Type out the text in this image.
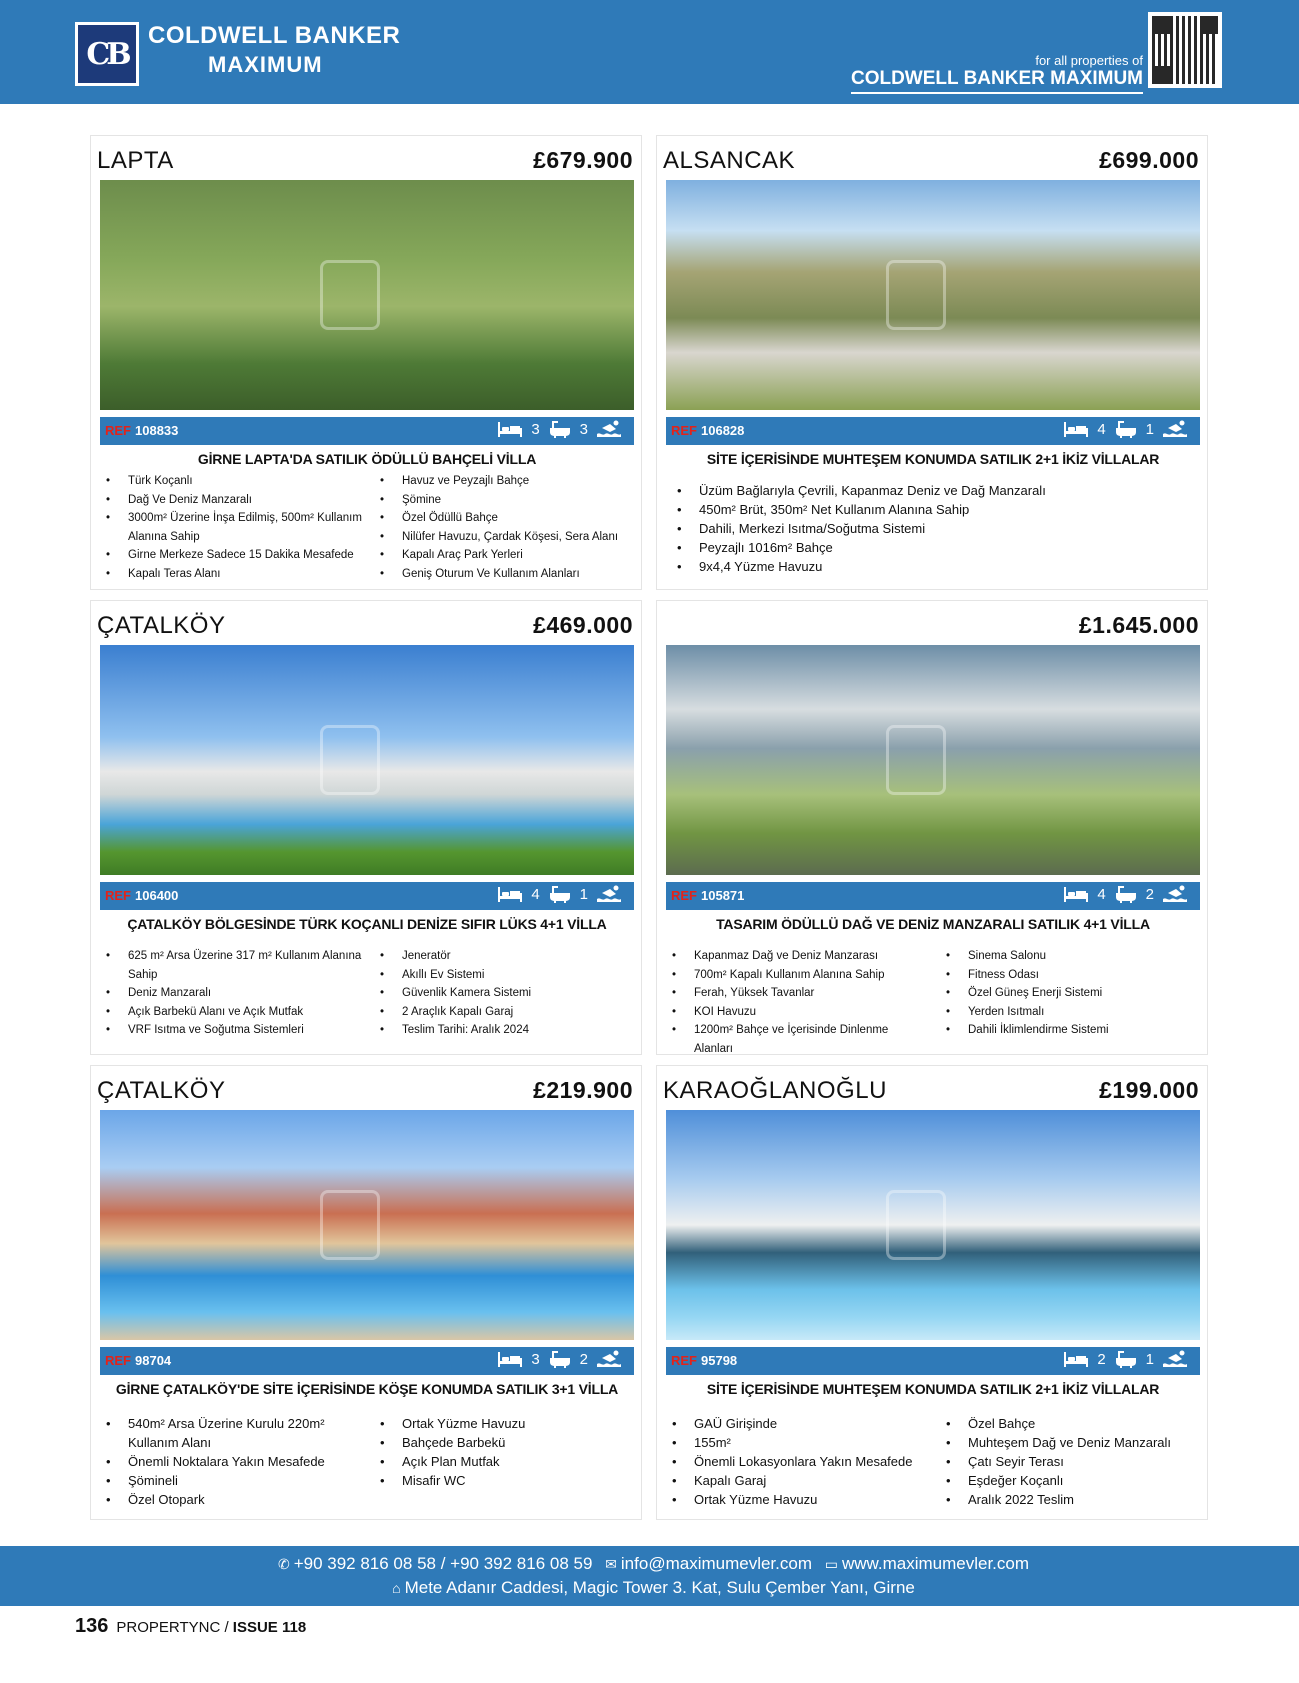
CB
COLDWELL BANKER
MAXIMUM	for all properties of
COLDWELL BANKER MAXIMUM
LAPTA	£679.900
REF 108833	3	3
GİRNE LAPTA'DA SATILIK ÖDÜLLÜ BAHÇELİ VİLLA
• Türk Koçanlı
• Dağ Ve Deniz Manzaralı
• 3000m² Üzerine İnşa Edilmiş, 500m² Kullanım Alanına Sahip
• Girne Merkeze Sadece 15 Dakika Mesafede
• Kapalı Teras Alanı
• Havuz ve Peyzajlı Bahçe
• Şömine
• Özel Ödüllü Bahçe
• Nilüfer Havuzu, Çardak Köşesi, Sera Alanı
• Kapalı Araç Park Yerleri
• Geniş Oturum Ve Kullanım Alanları
ALSANCAK	£699.000
REF 106828	4	1
SİTE İÇERİSİNDE MUHTEŞEM KONUMDA SATILIK 2+1 İKİZ VİLLALAR
• Üzüm Bağlarıyla Çevrili, Kapanmaz Deniz ve Dağ Manzaralı
• 450m² Brüt, 350m² Net Kullanım Alanına Sahip
• Dahili, Merkezi Isıtma/Soğutma Sistemi
• Peyzajlı 1016m² Bahçe
• 9x4,4 Yüzme Havuzu
ÇATALKÖY	£469.000
REF 106400	4	1
ÇATALKÖY BÖLGESİNDE TÜRK KOÇANLI DENİZE SIFIR LÜKS 4+1 VİLLA
• 625 m² Arsa Üzerine 317 m² Kullanım Alanına Sahip
• Deniz Manzaralı
• Açık Barbekü Alanı ve Açık Mutfak
• VRF Isıtma ve Soğutma Sistemleri
• Jeneratör
• Akıllı Ev Sistemi
• Güvenlik Kamera Sistemi
• 2 Araçlık Kapalı Garaj
• Teslim Tarihi: Aralık 2024
£1.645.000
REF 105871	4	2
TASARIM ÖDÜLLÜ DAĞ VE DENİZ MANZARALI SATILIK 4+1 VİLLA
• Kapanmaz Dağ ve Deniz Manzarası
• 700m² Kapalı Kullanım Alanına Sahip
• Ferah, Yüksek Tavanlar
• KOI Havuzu
• 1200m² Bahçe ve İçerisinde Dinlenme Alanları
• Sinema Salonu
• Fitness Odası
• Özel Güneş Enerji Sistemi
• Yerden Isıtmalı
• Dahili İklimlendirme Sistemi
ÇATALKÖY	£219.900
REF 98704	3	2
GİRNE ÇATALKÖY'DE SİTE İÇERİSİNDE KÖŞE KONUMDA SATILIK 3+1 VİLLA
• 540m² Arsa Üzerine Kurulu 220m² Kullanım Alanı
• Önemli Noktalara Yakın Mesafede
• Şömineli
• Özel Otopark
• Ortak Yüzme Havuzu
• Bahçede Barbekü
• Açık Plan Mutfak
• Misafir WC
KARAOĞLANOĞLU	£199.000
REF 95798	2	1
SİTE İÇERİSİNDE MUHTEŞEM KONUMDA SATILIK 2+1 İKİZ VİLLALAR
• GAÜ Girişinde
• 155m²
• Önemli Lokasyonlara Yakın Mesafede
• Kapalı Garaj
• Ortak Yüzme Havuzu
• Özel Bahçe
• Muhteşem Dağ ve Deniz Manzaralı
• Çatı Seyir Terası
• Eşdeğer Koçanlı
• Aralık 2022 Teslim
✆ +90 392 816 08 58 / +90 392 816 08 59 ✉ info@maximumevler.com ▭ www.maximumevler.com
⌂ Mete Adanır Caddesi, Magic Tower 3. Kat, Sulu Çember Yanı, Girne
136 PROPERTYNC / ISSUE 118
